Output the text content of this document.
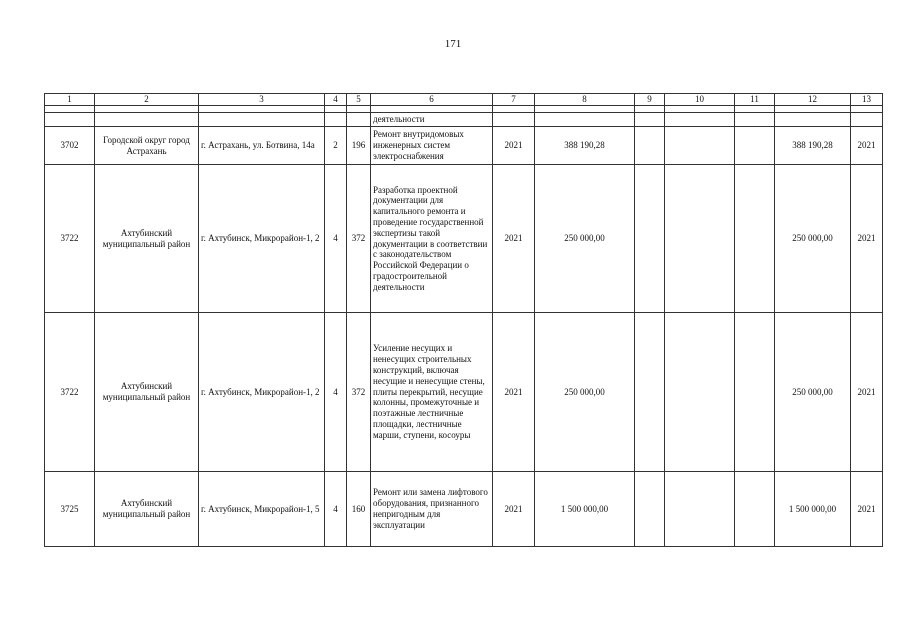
171
1	2	3	4	5	6	7	8	9	10	11	12	13

					деятельности							
3702	Городской округ город Астрахань	г. Астрахань, ул. Ботвина, 14а	2	196	Ремонт внутридомовых инженерных систем электроснабжения	2021	388 190,28				388 190,28	2021
3722	Ахтубинский муниципальный район	г. Ахтубинск, Микрорайон-1, 2	4	372	Разработка проектной документации для капитального ремонта и проведение государственной экспертизы такой документации в соответствии с законодательством Российской Федерации о градостроительной деятельности	2021	250 000,00				250 000,00	2021
3722	Ахтубинский муниципальный район	г. Ахтубинск, Микрорайон-1, 2	4	372	Усиление несущих и ненесущих строительных конструкций, включая несущие и ненесущие стены, плиты перекрытий, несущие колонны, промежуточные и поэтажные лестничные площадки, лестничные марши, ступени, косоуры	2021	250 000,00				250 000,00	2021
3725	Ахтубинский муниципальный район	г. Ахтубинск, Микрорайон-1, 5	4	160	Ремонт или замена лифтового оборудования, признанного непригодным для эксплуатации	2021	1 500 000,00				1 500 000,00	2021
